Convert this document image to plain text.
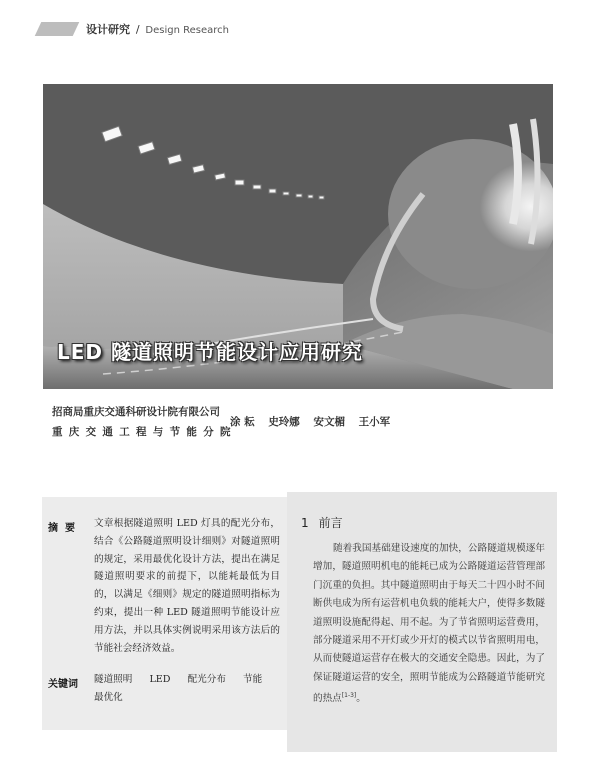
设计研究 / Design Research
LED 隧道照明节能设计应用研究
招商局重庆交通科研设计院有限公司
重庆交通工程与节能分院
涂 耘 史玲娜 安文楣 王小军
摘要 文章根据隧道照明 LED 灯具的配光分布，结合《公路隧道照明设计细则》对隧道照明的规定，采用最优化设计方法，提出在满足隧道照明要求的前提下，以能耗最低为目的，以满足《细则》规定的隧道照明指标为约束，提出一种 LED 隧道照明节能设计应用方法，并以具体实例说明采用该方法后的节能社会经济效益。
关键词 隧道照明 LED 配光分布 节能 最优化
1 前言
随着我国基础建设速度的加快，公路隧道规模逐年增加，隧道照明机电的能耗已成为公路隧道运营管理部门沉重的负担。其中隧道照明由于每天二十四小时不间断供电成为所有运营机电负载的能耗大户，使得多数隧道照明设施配得起、用不起。为了节省照明运营费用，部分隧道采用不开灯或少开灯的模式以节省照明用电，从而使隧道运营存在极大的交通安全隐患。因此，为了保证隧道运营的安全，照明节能成为公路隧道节能研究的热点[1-3]。
